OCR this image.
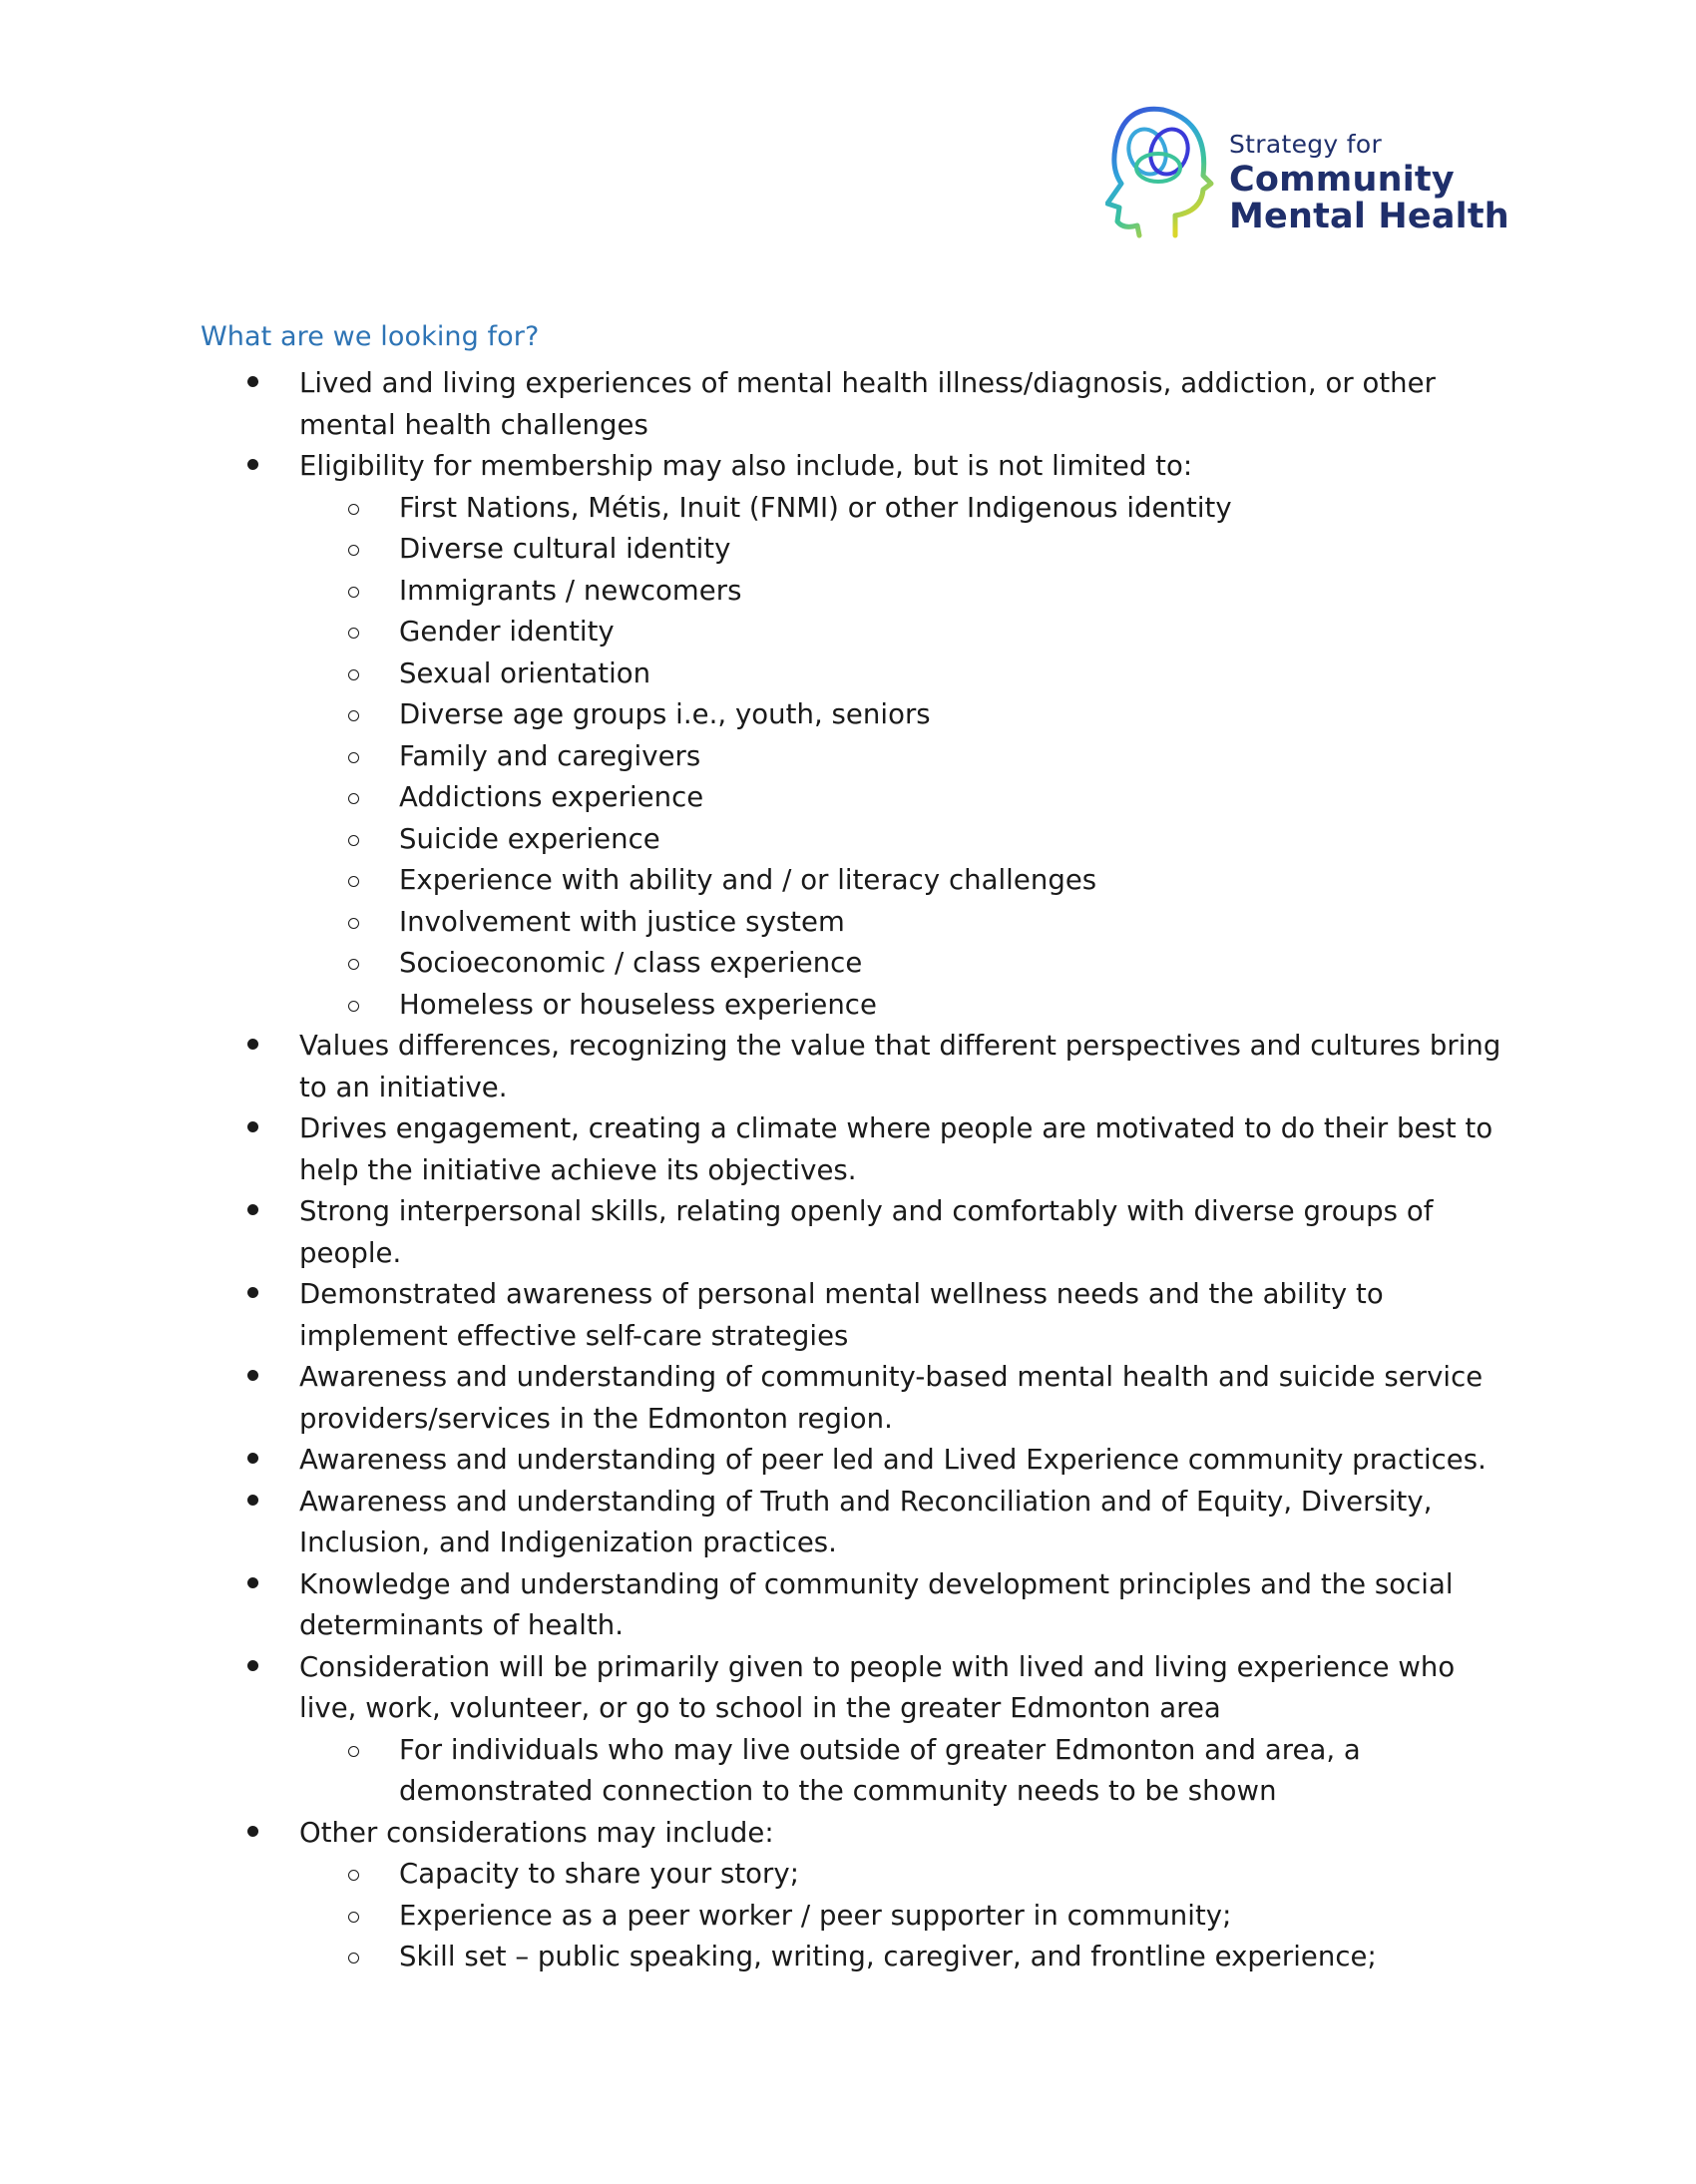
Strategy for
Community
Mental Health
What are we looking for?
Lived and living experiences of mental health illness/diagnosis, addiction, or other mental health challenges
Eligibility for membership may also include, but is not limited to:
First Nations, Métis, Inuit (FNMI) or other Indigenous identity
Diverse cultural identity
Immigrants / newcomers
Gender identity
Sexual orientation
Diverse age groups i.e., youth, seniors
Family and caregivers
Addictions experience
Suicide experience
Experience with ability and / or literacy challenges
Involvement with justice system
Socioeconomic / class experience
Homeless or houseless experience
Values differences, recognizing the value that different perspectives and cultures bring to an initiative.
Drives engagement, creating a climate where people are motivated to do their best to help the initiative achieve its objectives.
Strong interpersonal skills, relating openly and comfortably with diverse groups of people.
Demonstrated awareness of personal mental wellness needs and the ability to implement effective self-care strategies
Awareness and understanding of community-based mental health and suicide service providers/services in the Edmonton region.
Awareness and understanding of peer led and Lived Experience community practices.
Awareness and understanding of Truth and Reconciliation and of Equity, Diversity, Inclusion, and Indigenization practices.
Knowledge and understanding of community development principles and the social determinants of health.
Consideration will be primarily given to people with lived and living experience who live, work, volunteer, or go to school in the greater Edmonton area
For individuals who may live outside of greater Edmonton and area, a demonstrated connection to the community needs to be shown
Other considerations may include:
Capacity to share your story;
Experience as a peer worker / peer supporter in community;
Skill set – public speaking, writing, caregiver, and frontline experience;
